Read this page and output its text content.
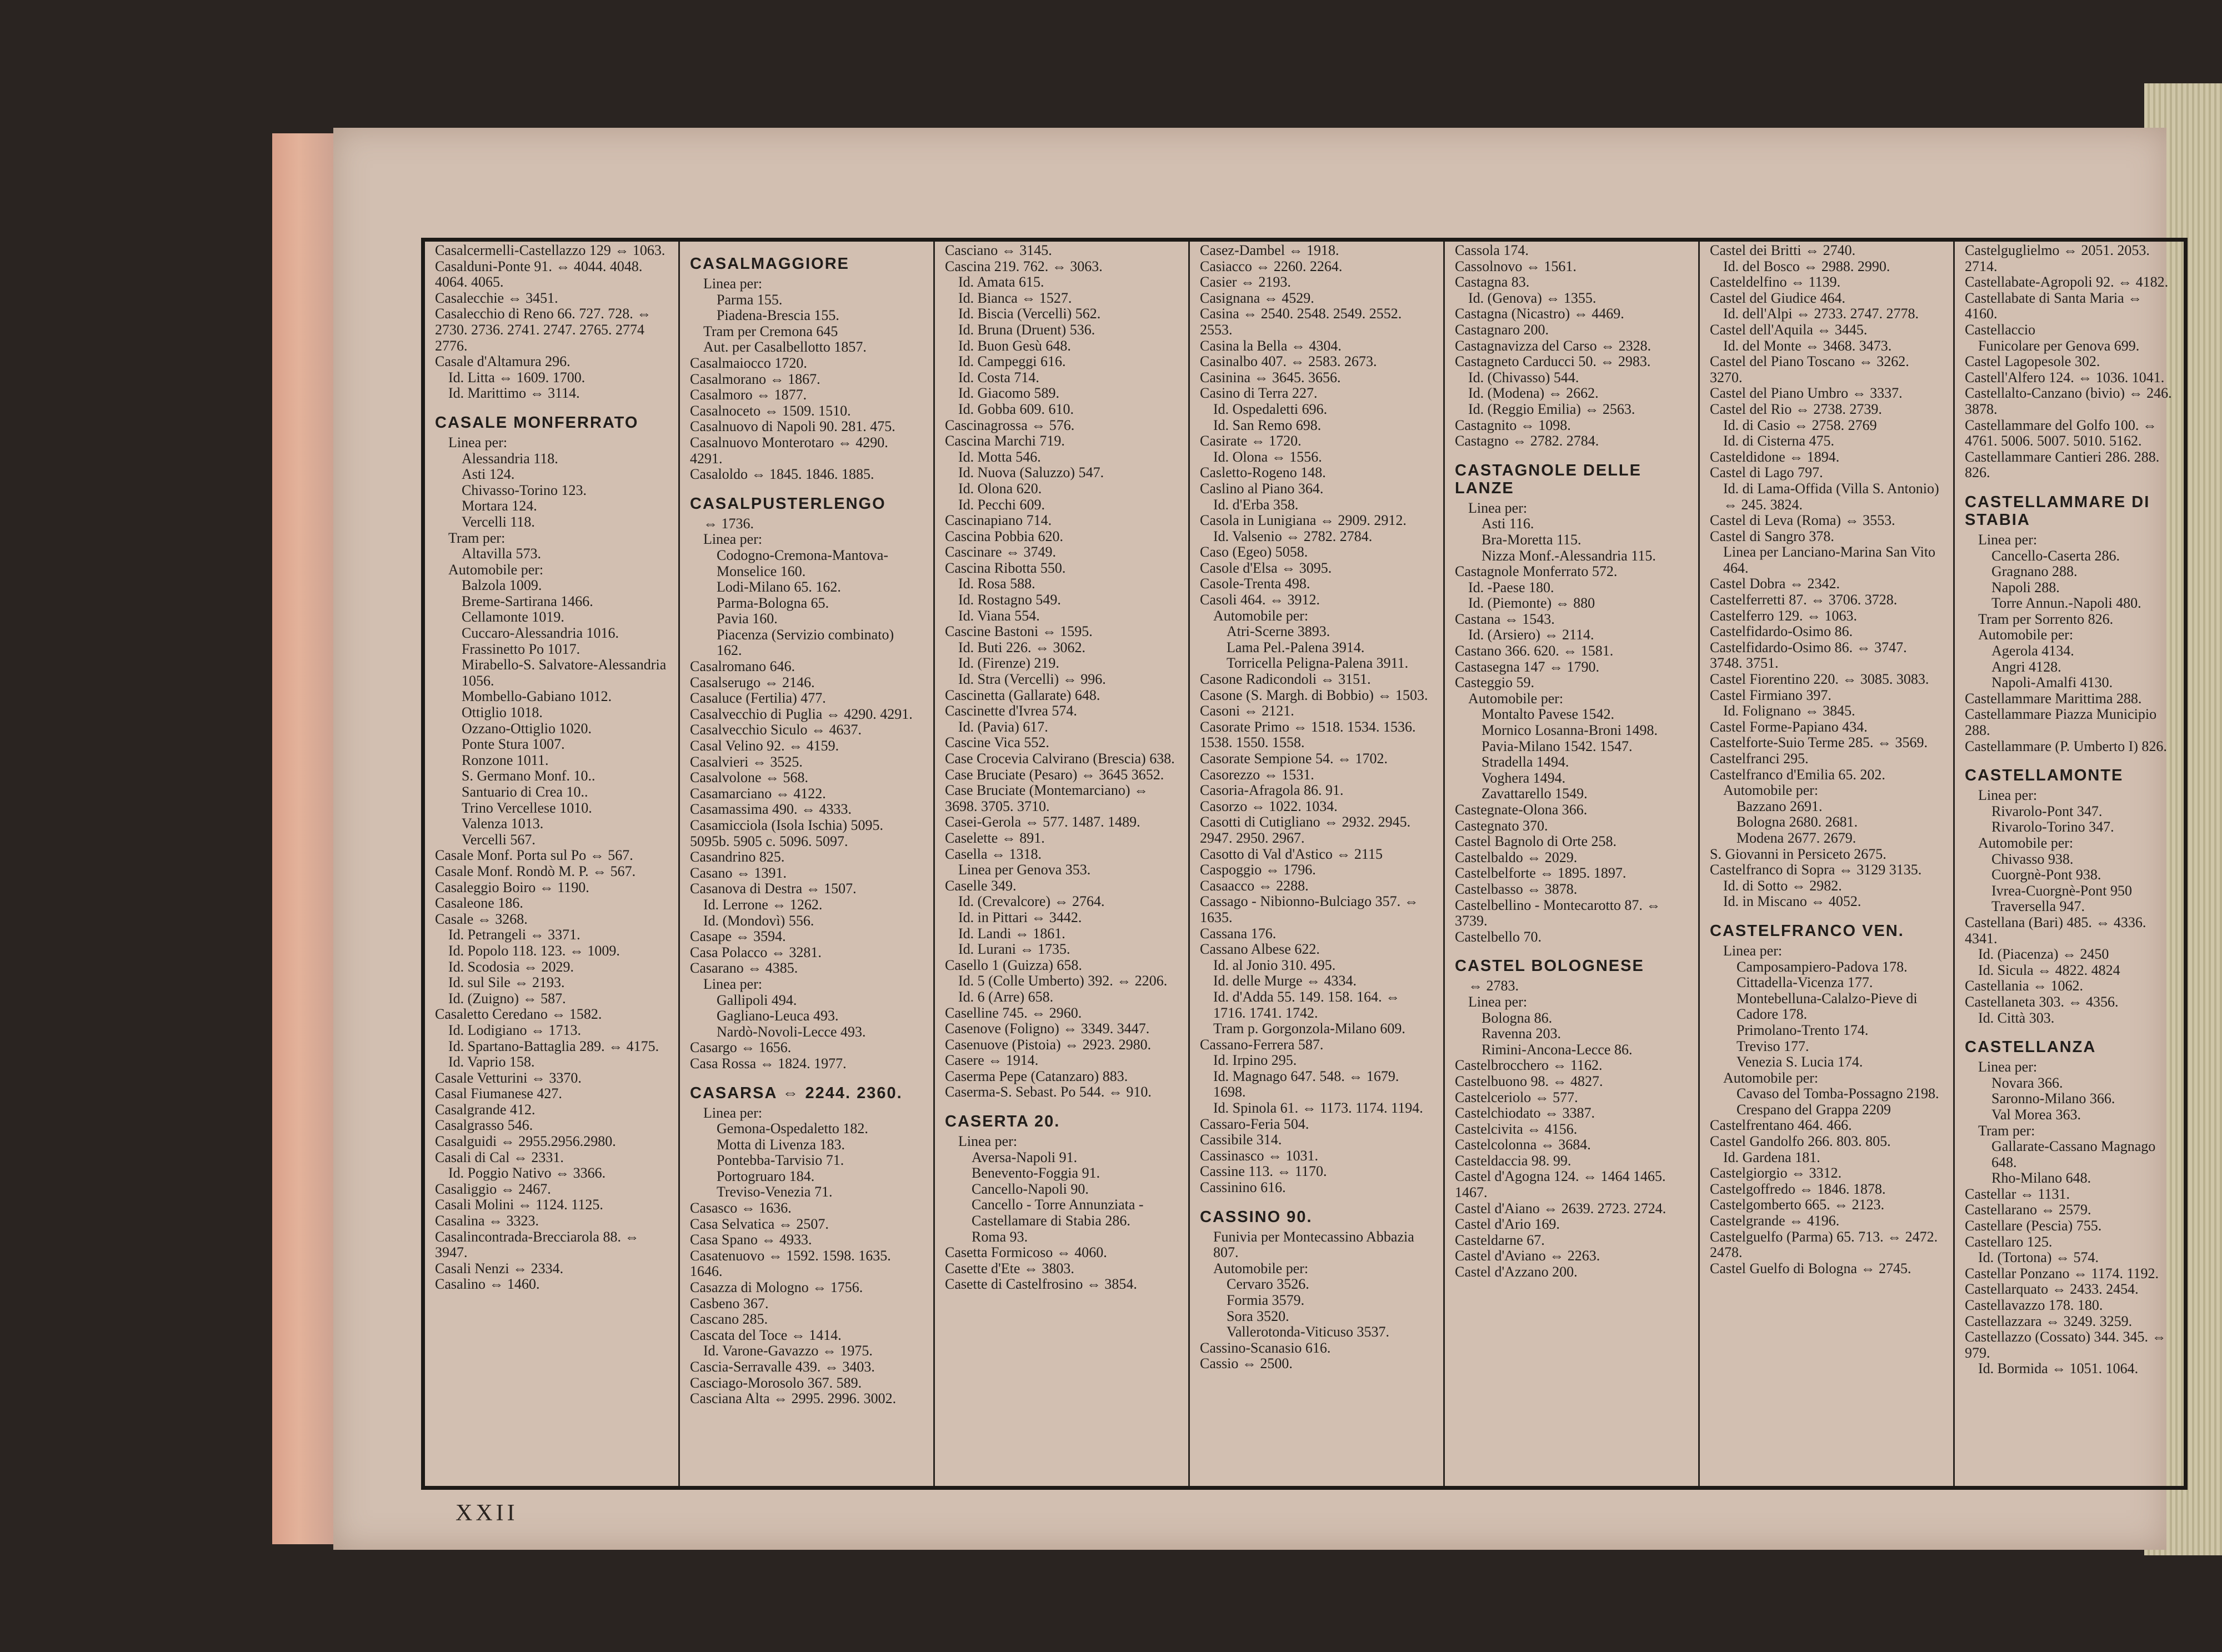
Casalcermelli-Castellazzo 129 ⇔ 1063.
Casalduni-Ponte 91. ⇔ 4044. 4048. 4064. 4065.
Casalecchie ⇔ 3451.
Casalecchio di Reno 66. 727. 728. ⇔ 2730. 2736. 2741. 2747. 2765. 2774 2776.
Casale d'Altamura 296.
Id. Litta ⇔ 1609. 1700.
Id. Marittimo ⇔ 3114.
CASALE MONFERRATO
Linea per:
Alessandria 118.
Asti 124.
Chivasso-Torino 123.
Mortara 124.
Vercelli 118.
Tram per:
Altavilla 573.
Automobile per:
Balzola 1009.
Breme-Sartirana 1466.
Cellamonte 1019.
Cuccaro-Alessandria 1016.
Frassinetto Po 1017.
Mirabello-S. Salvatore-Alessandria 1056.
Mombello-Gabiano 1012.
Ottiglio 1018.
Ozzano-Ottiglio 1020.
Ponte Stura 1007.
Ronzone 1011.
S. Germano Monf. 10..
Santuario di Crea 10..
Trino Vercellese 1010.
Valenza 1013.
Vercelli 567.
Casale Monf. Porta sul Po ⇔ 567.
Casale Monf. Rondò M. P. ⇔ 567.
Casaleggio Boiro ⇔ 1190.
Casaleone 186.
Casale ⇔ 3268.
Id. Petrangeli ⇔ 3371.
Id. Popolo 118. 123. ⇔ 1009.
Id. Scodosia ⇔ 2029.
Id. sul Sile ⇔ 2193.
Id. (Zuigno) ⇔ 587.
Casaletto Ceredano ⇔ 1582.
Id. Lodigiano ⇔ 1713.
Id. Spartano-Battaglia 289. ⇔ 4175.
Id. Vaprio 158.
Casale Vetturini ⇔ 3370.
Casal Fiumanese 427.
Casalgrande 412.
Casalgrasso 546.
Casalguidi ⇔ 2955.2956.2980.
Casali di Cal ⇔ 2331.
Id. Poggio Nativo ⇔ 3366.
Casaliggio ⇔ 2467.
Casali Molini ⇔ 1124. 1125.
Casalina ⇔ 3323.
Casalincontrada-Brecciarola 88. ⇔ 3947.
Casali Nenzi ⇔ 2334.
Casalino ⇔ 1460.
CASALMAGGIORE
Linea per:
Parma 155.
Piadena-Brescia 155.
Tram per Cremona 645
Aut. per Casalbellotto 1857.
Casalmaiocco 1720.
Casalmorano ⇔ 1867.
Casalmoro ⇔ 1877.
Casalnoceto ⇔ 1509. 1510.
Casalnuovo di Napoli 90. 281. 475.
Casalnuovo Monterotaro ⇔ 4290. 4291.
Casaloldo ⇔ 1845. 1846. 1885.
CASALPUSTERLENGO
⇔ 1736.
Linea per:
Codogno-Cremona-Mantova-Monselice 160.
Lodi-Milano 65. 162.
Parma-Bologna 65.
Pavia 160.
Piacenza (Servizio combinato) 162.
Casalromano 646.
Casalserugo ⇔ 2146.
Casaluce (Fertilia) 477.
Casalvecchio di Puglia ⇔ 4290. 4291.
Casalvecchio Siculo ⇔ 4637.
Casal Velino 92. ⇔ 4159.
Casalvieri ⇔ 3525.
Casalvolone ⇔ 568.
Casamarciano ⇔ 4122.
Casamassima 490. ⇔ 4333.
Casamicciola (Isola Ischia) 5095. 5095b. 5905 c. 5096. 5097.
Casandrino 825.
Casano ⇔ 1391.
Casanova di Destra ⇔ 1507.
Id. Lerrone ⇔ 1262.
Id. (Mondovì) 556.
Casape ⇔ 3594.
Casa Polacco ⇔ 3281.
Casarano ⇔ 4385.
Linea per:
Gallipoli 494.
Gagliano-Leuca 493.
Nardò-Novoli-Lecce 493.
Casargo ⇔ 1656.
Casa Rossa ⇔ 1824. 1977.
CASARSA ⇔ 2244. 2360.
Linea per:
Gemona-Ospedaletto 182.
Motta di Livenza 183.
Pontebba-Tarvisio 71.
Portogruaro 184.
Treviso-Venezia 71.
Casasco ⇔ 1636.
Casa Selvatica ⇔ 2507.
Casa Spano ⇔ 4933.
Casatenuovo ⇔ 1592. 1598. 1635. 1646.
Casazza di Mologno ⇔ 1756.
Casbeno 367.
Cascano 285.
Cascata del Toce ⇔ 1414.
Id. Varone-Gavazzo ⇔ 1975.
Cascia-Serravalle 439. ⇔ 3403.
Casciago-Morosolo 367. 589.
Casciana Alta ⇔ 2995. 2996. 3002.
Casciano ⇔ 3145.
Cascina 219. 762. ⇔ 3063.
Id. Amata 615.
Id. Bianca ⇔ 1527.
Id. Biscia (Vercelli) 562.
Id. Bruna (Druent) 536.
Id. Buon Gesù 648.
Id. Campeggi 616.
Id. Costa 714.
Id. Giacomo 589.
Id. Gobba 609. 610.
Cascinagrossa ⇔ 576.
Cascina Marchi 719.
Id. Motta 546.
Id. Nuova (Saluzzo) 547.
Id. Olona 620.
Id. Pecchi 609.
Cascinapiano 714.
Cascina Pobbia 620.
Cascinare ⇔ 3749.
Cascina Ribotta 550.
Id. Rosa 588.
Id. Rostagno 549.
Id. Viana 554.
Cascine Bastoni ⇔ 1595.
Id. Buti 226. ⇔ 3062.
Id. (Firenze) 219.
Id. Stra (Vercelli) ⇔ 996.
Cascinetta (Gallarate) 648.
Cascinette d'Ivrea 574.
Id. (Pavia) 617.
Cascine Vica 552.
Case Croceviа Calvirano (Brescia) 638.
Case Bruciate (Pesaro) ⇔ 3645 3652.
Case Bruciate (Montemarciano) ⇔ 3698. 3705. 3710.
Casei-Gerola ⇔ 577. 1487. 1489.
Caselette ⇔ 891.
Casella ⇔ 1318.
Linea per Genova 353.
Caselle 349.
Id. (Crevalcore) ⇔ 2764.
Id. in Pittari ⇔ 3442.
Id. Landi ⇔ 1861.
Id. Lurani ⇔ 1735.
Casello 1 (Guizza) 658.
Id. 5 (Colle Umberto) 392. ⇔ 2206.
Id. 6 (Arre) 658.
Caselline 745. ⇔ 2960.
Casenove (Foligno) ⇔ 3349. 3447.
Casenuove (Pistoia) ⇔ 2923. 2980.
Casere ⇔ 1914.
Caserma Pepe (Catanzaro) 883.
Caserma-S. Sebast. Po 544. ⇔ 910.
CASERTA 20.
Linea per:
Aversa-Napoli 91.
Benevento-Foggia 91.
Cancello-Napoli 90.
Cancello - Torre Annunziata - Castellamare di Stabia 286.
Roma 93.
Casetta Formicoso ⇔ 4060.
Casette d'Ete ⇔ 3803.
Casette di Castelfrosino ⇔ 3854.
Casez-Dambel ⇔ 1918.
Casiacco ⇔ 2260. 2264.
Casier ⇔ 2193.
Casignana ⇔ 4529.
Casina ⇔ 2540. 2548. 2549. 2552. 2553.
Casina la Bella ⇔ 4304.
Casinalbo 407. ⇔ 2583. 2673.
Casinina ⇔ 3645. 3656.
Casino di Terra 227.
Id. Ospedaletti 696.
Id. San Remo 698.
Casirate ⇔ 1720.
Id. Olona ⇔ 1556.
Casletto-Rogeno 148.
Caslino al Piano 364.
Id. d'Erba 358.
Casola in Lunigiana ⇔ 2909. 2912.
Id. Valsenio ⇔ 2782. 2784.
Caso (Egeo) 5058.
Casole d'Elsa ⇔ 3095.
Casole-Trenta 498.
Casoli 464. ⇔ 3912.
Automobile per:
Atri-Scerne 3893.
Lama Pel.-Palena 3914.
Torricella Peligna-Palena 3911.
Casone Radicondoli ⇔ 3151.
Casone (S. Margh. di Bobbio) ⇔ 1503.
Casoni ⇔ 2121.
Casorate Primo ⇔ 1518. 1534. 1536. 1538. 1550. 1558.
Casorate Sempione 54. ⇔ 1702.
Casorezzo ⇔ 1531.
Casoria-Afragola 86. 91.
Casorzo ⇔ 1022. 1034.
Casotti di Cutigliano ⇔ 2932. 2945. 2947. 2950. 2967.
Casotto di Val d'Astico ⇔ 2115
Caspoggio ⇔ 1796.
Casaacco ⇔ 2288.
Cassago - Nibionno-Bulciago 357. ⇔ 1635.
Cassana 176.
Cassano Albese 622.
Id. al Jonio 310. 495.
Id. delle Murge ⇔ 4334.
Id. d'Adda 55. 149. 158. 164. ⇔ 1716. 1741. 1742.
Tram p. Gorgonzola-Milano 609.
Cassano-Ferrera 587.
Id. Irpino 295.
Id. Magnago 647. 548. ⇔ 1679. 1698.
Id. Spinola 61. ⇔ 1173. 1174. 1194.
Cassaro-Feria 504.
Cassibile 314.
Cassinasco ⇔ 1031.
Cassine 113. ⇔ 1170.
Cassinino 616.
CASSINO 90.
Funivia per Montecassino Abbazia 807.
Automobile per:
Cervaro 3526.
Formia 3579.
Sora 3520.
Vallerotonda-Viticuso 3537.
Cassino-Scanasio 616.
Cassio ⇔ 2500.
Cassola 174.
Cassolnovo ⇔ 1561.
Castagna 83.
Id. (Genova) ⇔ 1355.
Castagna (Nicastro) ⇔ 4469.
Castagnaro 200.
Castagnavizza del Carso ⇔ 2328.
Castagneto Carducci 50. ⇔ 2983.
Id. (Chivasso) 544.
Id. (Modena) ⇔ 2662.
Id. (Reggio Emilia) ⇔ 2563.
Castagnito ⇔ 1098.
Castagno ⇔ 2782. 2784.
CASTAGNOLE DELLE LANZE
Linea per:
Asti 116.
Bra-Moretta 115.
Nizza Monf.-Alessandria 115.
Castagnole Monferrato 572.
Id. -Paese 180.
Id. (Piemonte) ⇔ 880
Castana ⇔ 1543.
Id. (Arsiero) ⇔ 2114.
Castano 366. 620. ⇔ 1581.
Castasegna 147 ⇔ 1790.
Casteggio 59.
Automobile per:
Montalto Pavese 1542.
Mornico Losanna-Broni 1498.
Pavia-Milano 1542. 1547.
Stradella 1494.
Voghera 1494.
Zavattarello 1549.
Castegnate-Olona 366.
Castegnato 370.
Castel Bagnolo di Orte 258.
Castelbaldo ⇔ 2029.
Castelbelforte ⇔ 1895. 1897.
Castelbasso ⇔ 3878.
Castelbellino - Montecarotto 87. ⇔ 3739.
Castelbello 70.
CASTEL BOLOGNESE
⇔ 2783.
Linea per:
Bologna 86.
Ravenna 203.
Rimini-Ancona-Lecce 86.
Castelbrocchero ⇔ 1162.
Castelbuono 98. ⇔ 4827.
Castelceriolo ⇔ 577.
Castelchiodato ⇔ 3387.
Castelcivita ⇔ 4156.
Castelcolonna ⇔ 3684.
Casteldaccia 98. 99.
Castel d'Agogna 124. ⇔ 1464 1465. 1467.
Castel d'Aiano ⇔ 2639. 2723. 2724.
Castel d'Ario 169.
Casteldarne 67.
Castel d'Aviano ⇔ 2263.
Castel d'Azzano 200.
Castel dei Britti ⇔ 2740.
Id. del Bosco ⇔ 2988. 2990.
Casteldelfino ⇔ 1139.
Castel del Giudice 464.
Id. dell'Alpi ⇔ 2733. 2747. 2778.
Castel dell'Aquila ⇔ 3445.
Id. del Monte ⇔ 3468. 3473.
Castel del Piano Toscano ⇔ 3262. 3270.
Castel del Piano Umbro ⇔ 3337.
Castel del Rio ⇔ 2738. 2739.
Id. di Casio ⇔ 2758. 2769
Id. di Cisterna 475.
Casteldidone ⇔ 1894.
Castel di Lago 797.
Id. di Lama-Offida (Villa S. Antonio) ⇔ 245. 3824.
Castel di Leva (Roma) ⇔ 3553.
Castel di Sangro 378.
Linea per Lanciano-Marina San Vito 464.
Castel Dobra ⇔ 2342.
Castelferretti 87. ⇔ 3706. 3728.
Castelferro 129. ⇔ 1063.
Castelfidardo-Osimo 86.
Castelfidardo-Osimo 86. ⇔ 3747. 3748. 3751.
Castel Fiorentino 220. ⇔ 3085. 3083.
Castel Firmiano 397.
Id. Folignano ⇔ 3845.
Castel Forme-Papiano 434.
Castelforte-Suio Terme 285. ⇔ 3569.
Castelfranci 295.
Castelfranco d'Emilia 65. 202.
Automobile per:
Bazzano 2691.
Bologna 2680. 2681.
Modena 2677. 2679.
S. Giovanni in Persiceto 2675.
Castelfranco di Sopra ⇔ 3129 3135.
Id. di Sotto ⇔ 2982.
Id. in Miscano ⇔ 4052.
CASTELFRANCO VEN.
Linea per:
Camposampiero-Padova 178.
Cittadella-Vicenza 177.
Montebelluna-Calalzo-Pieve di Cadore 178.
Primolano-Trento 174.
Treviso 177.
Venezia S. Lucia 174.
Automobile per:
Cavaso del Tomba-Possagno 2198.
Crespano del Grappa 2209
Castelfrentano 464. 466.
Castel Gandolfo 266. 803. 805.
Id. Gardena 181.
Castelgiorgio ⇔ 3312.
Castelgoffredo ⇔ 1846. 1878.
Castelgomberto 665. ⇔ 2123.
Castelgrande ⇔ 4196.
Castelguelfo (Parma) 65. 713. ⇔ 2472. 2478.
Castel Guelfo di Bologna ⇔ 2745.
Castelguglielmo ⇔ 2051. 2053. 2714.
Castellabate-Agropoli 92. ⇔ 4182.
Castellabate di Santa Maria ⇔ 4160.
Castellaccio
Funicolare per Genova 699.
Castel Lagopesole 302.
Castell'Alfero 124. ⇔ 1036. 1041.
Castellalto-Canzano (bivio) ⇔ 246. 3878.
Castellammare del Golfo 100. ⇔ 4761. 5006. 5007. 5010. 5162.
Castellammare Cantieri 286. 288. 826.
CASTELLAMMARE DI STABIA
Linea per:
Cancello-Caserta 286.
Gragnano 288.
Napoli 288.
Torre Annun.-Napoli 480.
Tram per Sorrento 826.
Automobile per:
Agerola 4134.
Angri 4128.
Napoli-Amalfi 4130.
Castellammare Marittima 288.
Castellammare Piazza Municipio 288.
Castellammare (P. Umberto I) 826.
CASTELLAMONTE
Linea per:
Rivarolo-Pont 347.
Rivarolo-Torino 347.
Automobile per:
Chivasso 938.
Cuorgnè-Pont 938.
Ivrea-Cuorgnè-Pont 950
Traversella 947.
Castellana (Bari) 485. ⇔ 4336. 4341.
Id. (Piacenza) ⇔ 2450
Id. Sicula ⇔ 4822. 4824
Castellania ⇔ 1062.
Castellaneta 303. ⇔ 4356.
Id. Città 303.
CASTELLANZA
Linea per:
Novara 366.
Saronno-Milano 366.
Val Morea 363.
Tram per:
Gallarate-Cassano Magnago 648.
Rho-Milano 648.
Castellar ⇔ 1131.
Castellarano ⇔ 2579.
Castellare (Pescia) 755.
Castellaro 125.
Id. (Tortona) ⇔ 574.
Castellar Ponzano ⇔ 1174. 1192.
Castellarquato ⇔ 2433. 2454.
Castellavazzo 178. 180.
Castellazzara ⇔ 3249. 3259.
Castellazzo (Cossato) 344. 345. ⇔ 979.
Id. Bormida ⇔ 1051. 1064.
XXII
